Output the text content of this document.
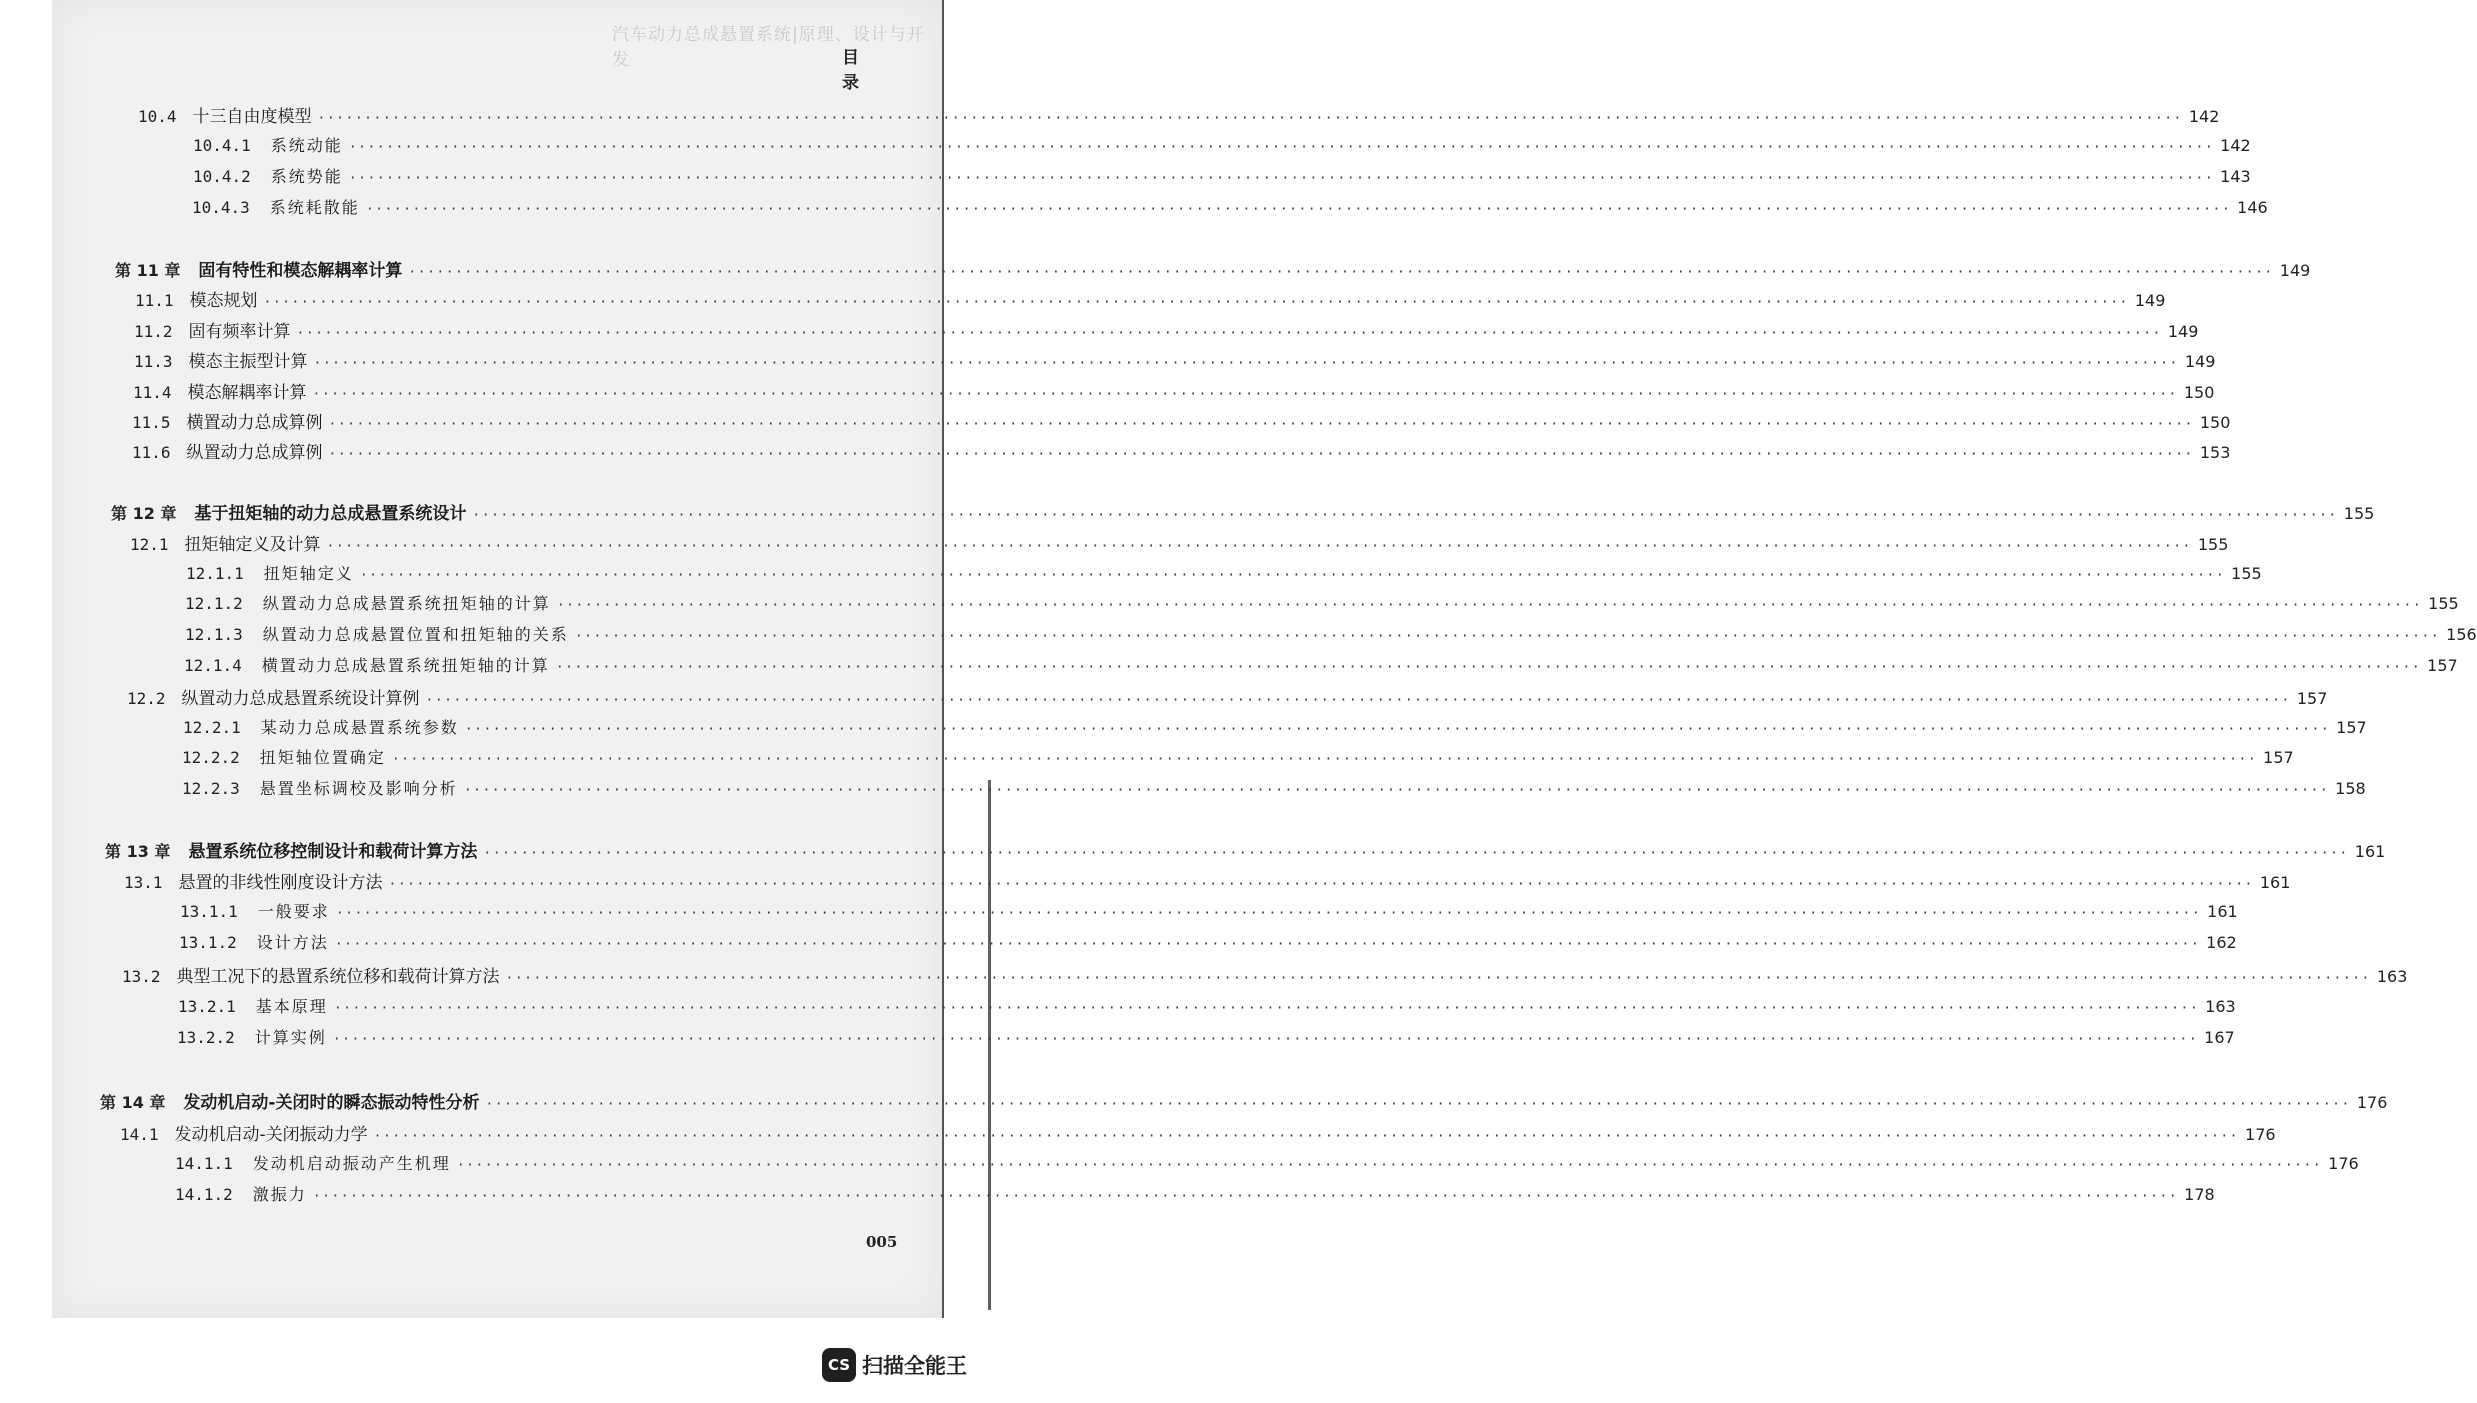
汽车动力总成悬置系统|原理、设计与开发	目录
005
10.4 十三自由度模型 ········································································································································································································ 142
10.4.1 系统动能 ········································································································································································································ 142
10.4.2 系统势能 ········································································································································································································ 143
10.4.3 系统耗散能 ········································································································································································································ 146
第 11 章 固有特性和模态解耦率计算 ········································································································································································································ 149
11.1 模态规划 ········································································································································································································ 149
11.2 固有频率计算 ········································································································································································································ 149
11.3 模态主振型计算 ········································································································································································································ 149
11.4 模态解耦率计算 ········································································································································································································ 150
11.5 横置动力总成算例 ········································································································································································································ 150
11.6 纵置动力总成算例 ········································································································································································································ 153
第 12 章 基于扭矩轴的动力总成悬置系统设计 ········································································································································································································ 155
12.1 扭矩轴定义及计算 ········································································································································································································ 155
12.1.1 扭矩轴定义 ········································································································································································································ 155
12.1.2 纵置动力总成悬置系统扭矩轴的计算 ········································································································································································································ 155
12.1.3 纵置动力总成悬置位置和扭矩轴的关系 ········································································································································································································ 156
12.1.4 横置动力总成悬置系统扭矩轴的计算 ········································································································································································································ 157
12.2 纵置动力总成悬置系统设计算例 ········································································································································································································ 157
12.2.1 某动力总成悬置系统参数 ········································································································································································································ 157
12.2.2 扭矩轴位置确定 ········································································································································································································ 157
12.2.3 悬置坐标调校及影响分析 ········································································································································································································ 158
第 13 章 悬置系统位移控制设计和载荷计算方法 ········································································································································································································ 161
13.1 悬置的非线性刚度设计方法 ········································································································································································································ 161
13.1.1 一般要求 ········································································································································································································ 161
13.1.2 设计方法 ········································································································································································································ 162
13.2 典型工况下的悬置系统位移和载荷计算方法 ········································································································································································································ 163
13.2.1 基本原理 ········································································································································································································ 163
13.2.2 计算实例 ········································································································································································································ 167
第 14 章 发动机启动-关闭时的瞬态振动特性分析 ········································································································································································································ 176
14.1 发动机启动-关闭振动力学 ········································································································································································································ 176
14.1.1 发动机启动振动产生机理 ········································································································································································································ 176
14.1.2 激振力 ········································································································································································································ 178
CS 扫描全能王
